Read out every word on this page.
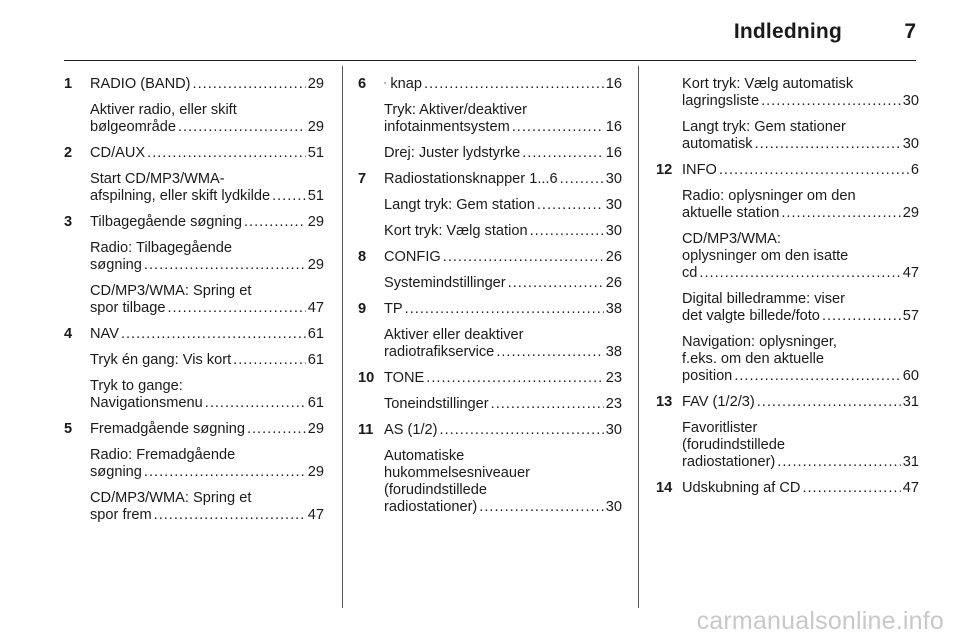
Indledning	7
1 RADIO (BAND) .....	29
Aktiver radio, eller skift
bølgeområde .....	29
2 CD/AUX .....	51
Start CD/MP3/WMA-
afspilning, eller skift lydkilde .....	51
3 Tilbagegående søgning .....	29
Radio: Tilbagegående
søgning .....	29
CD/MP3/WMA: Spring et
spor tilbage .....	47
4 NAV .....	61
Tryk én gang: Vis kort .....	61
Tryk to gange:
Navigationsmenu .....	61
5 Fremadgående søgning .....	29
Radio: Fremadgående
søgning .....	29
CD/MP3/WMA: Spring et
spor frem .....	47
6 knap .....	16
Tryk: Aktiver/deaktiver
infotainmentsystem .....	16
Drej: Juster lydstyrke .....	16
7 Radiostationsknapper 1...6 .....	30
Langt tryk: Gem station .....	30
Kort tryk: Vælg station .....	30
8 CONFIG .....	26
Systemindstillinger .....	26
9 TP .....	38
Aktiver eller deaktiver
radiotrafikservice .....	38
10 TONE .....	23
Toneindstillinger .....	23
11 AS (1/2) .....	30
Automatiske
hukommelsesniveauer
(forudindstillede
radiostationer) .....	30
Kort tryk: Vælg automatisk
lagringsliste .....	30
Langt tryk: Gem stationer
automatisk .....	30
12 INFO .....	6
Radio: oplysninger om den
aktuelle station .....	29
CD/MP3/WMA:
oplysninger om den isatte
cd .....	47
Digital billedramme: viser
det valgte billede/foto .....	57
Navigation: oplysninger,
f.eks. om den aktuelle
position .....	60
13 FAV (1/2/3) .....	31
Favoritlister
(forudindstillede
radiostationer) .....	31
14 Udskubning af CD .....	47
carmanualsonline.info
